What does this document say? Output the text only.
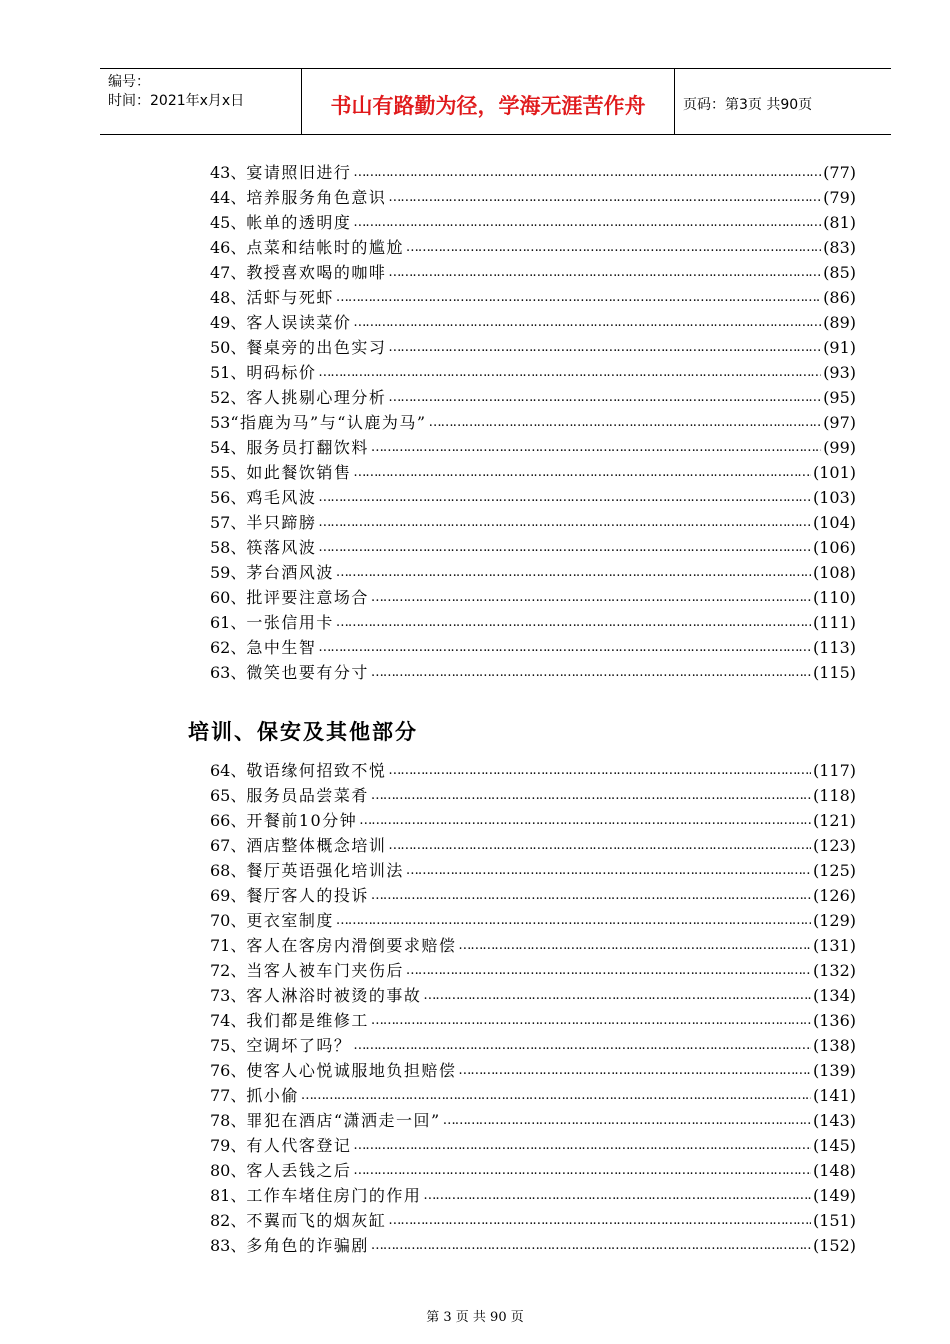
编号：
时间：2021年x月x日	书山有路勤为径，学海无涯苦作舟	页码：第3页 共90页
43、 宴请照旧进行 …………………………………………………………………………………………………………………………………………………………………………	(77)
44、 培养服务角色意识 …………………………………………………………………………………………………………………………………………………………………………	(79)
45、 帐单的透明度 …………………………………………………………………………………………………………………………………………………………………………	(81)
46、 点菜和结帐时的尴尬 …………………………………………………………………………………………………………………………………………………………………………	(83)
47、 教授喜欢喝的咖啡 …………………………………………………………………………………………………………………………………………………………………………	(85)
48、 活虾与死虾 …………………………………………………………………………………………………………………………………………………………………………	(86)
49、 客人误读菜价 …………………………………………………………………………………………………………………………………………………………………………	(89)
50、 餐桌旁的出色实习 …………………………………………………………………………………………………………………………………………………………………………	(91)
51、 明码标价 …………………………………………………………………………………………………………………………………………………………………………	(93)
52、 客人挑剔心理分析 …………………………………………………………………………………………………………………………………………………………………………	(95)
53 “指鹿为马”与“认鹿为马” …………………………………………………………………………………………………………………………………………………………………………	(97)
54、 服务员打翻饮料 …………………………………………………………………………………………………………………………………………………………………………	(99)
55、 如此餐饮销售 …………………………………………………………………………………………………………………………………………………………………………	(101)
56、 鸡毛风波 …………………………………………………………………………………………………………………………………………………………………………	(103)
57、 半只蹄膀 …………………………………………………………………………………………………………………………………………………………………………	(104)
58、 筷落风波 …………………………………………………………………………………………………………………………………………………………………………	(106)
59、 茅台酒风波 …………………………………………………………………………………………………………………………………………………………………………	(108)
60、 批评要注意场合 …………………………………………………………………………………………………………………………………………………………………………	(110)
61、 一张信用卡 …………………………………………………………………………………………………………………………………………………………………………	(111)
62、 急中生智 …………………………………………………………………………………………………………………………………………………………………………	(113)
63、 微笑也要有分寸 …………………………………………………………………………………………………………………………………………………………………………	(115)
培训、保安及其他部分
64、 敬语缘何招致不悦 …………………………………………………………………………………………………………………………………………………………………………	(117)
65、 服务员品尝菜肴 …………………………………………………………………………………………………………………………………………………………………………	(118)
66、 开餐前10分钟 …………………………………………………………………………………………………………………………………………………………………………	(121)
67、 酒店整体概念培训 …………………………………………………………………………………………………………………………………………………………………………	(123)
68、 餐厅英语强化培训法 …………………………………………………………………………………………………………………………………………………………………………	(125)
69、 餐厅客人的投诉 …………………………………………………………………………………………………………………………………………………………………………	(126)
70、 更衣室制度 …………………………………………………………………………………………………………………………………………………………………………	(129)
71、 客人在客房内滑倒要求赔偿 …………………………………………………………………………………………………………………………………………………………………………	(131)
72、 当客人被车门夹伤后 …………………………………………………………………………………………………………………………………………………………………………	(132)
73、 客人淋浴时被烫的事故 …………………………………………………………………………………………………………………………………………………………………………	(134)
74、 我们都是维修工 …………………………………………………………………………………………………………………………………………………………………………	(136)
75、 空调坏了吗？ …………………………………………………………………………………………………………………………………………………………………………	(138)
76、 使客人心悦诚服地负担赔偿 …………………………………………………………………………………………………………………………………………………………………………	(139)
77、 抓小偷 …………………………………………………………………………………………………………………………………………………………………………	(141)
78、 罪犯在酒店“潇洒走一回” …………………………………………………………………………………………………………………………………………………………………………	(143)
79、 有人代客登记 …………………………………………………………………………………………………………………………………………………………………………	(145)
80、 客人丢钱之后 …………………………………………………………………………………………………………………………………………………………………………	(148)
81、 工作车堵住房门的作用 …………………………………………………………………………………………………………………………………………………………………………	(149)
82、 不翼而飞的烟灰缸 …………………………………………………………………………………………………………………………………………………………………………	(151)
83、 多角色的诈骗剧 …………………………………………………………………………………………………………………………………………………………………………	(152)
第 3 页 共 90 页
